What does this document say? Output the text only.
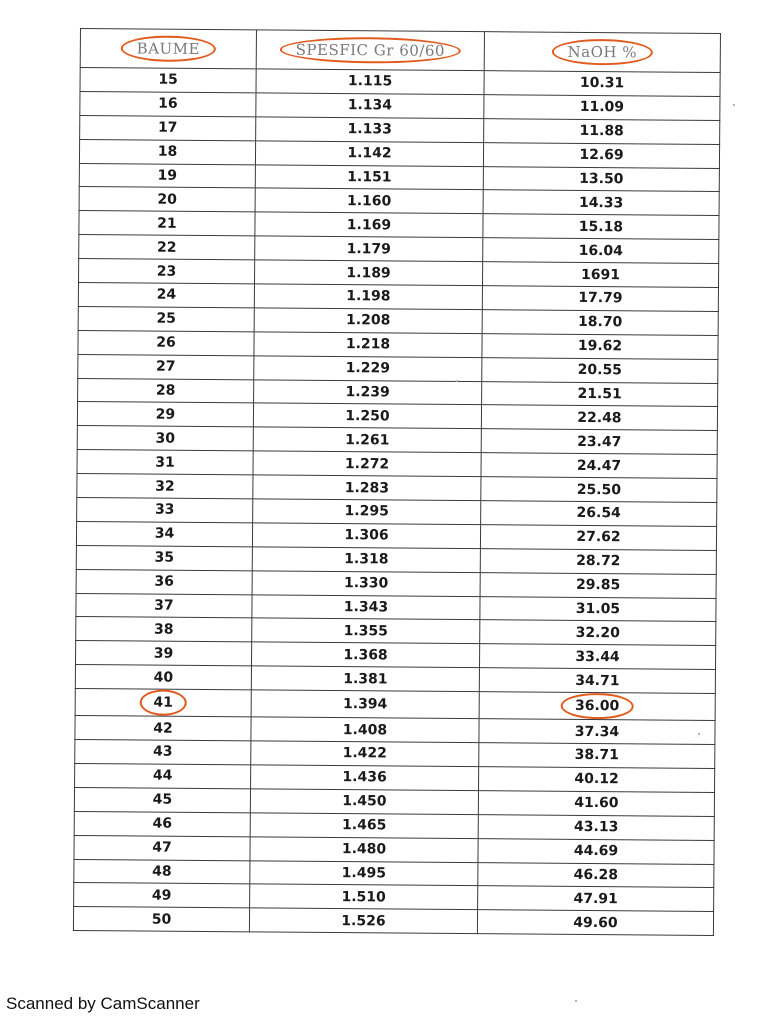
BAUME	SPESFIC Gr 60/60	NaOH %
15	1.115	10.31
16	1.134	11.09
17	1.133	11.88
18	1.142	12.69
19	1.151	13.50
20	1.160	14.33
21	1.169	15.18
22	1.179	16.04
23	1.189	1691
24	1.198	17.79
25	1.208	18.70
26	1.218	19.62
27	1.229	20.55
28	1.239	21.51
29	1.250	22.48
30	1.261	23.47
31	1.272	24.47
32	1.283	25.50
33	1.295	26.54
34	1.306	27.62
35	1.318	28.72
36	1.330	29.85
37	1.343	31.05
38	1.355	32.20
39	1.368	33.44
40	1.381	34.71
41	1.394	36.00
42	1.408	37.34
43	1.422	38.71
44	1.436	40.12
45	1.450	41.60
46	1.465	43.13
47	1.480	44.69
48	1.495	46.28
49	1.510	47.91
50	1.526	49.60
Scanned by CamScanner
